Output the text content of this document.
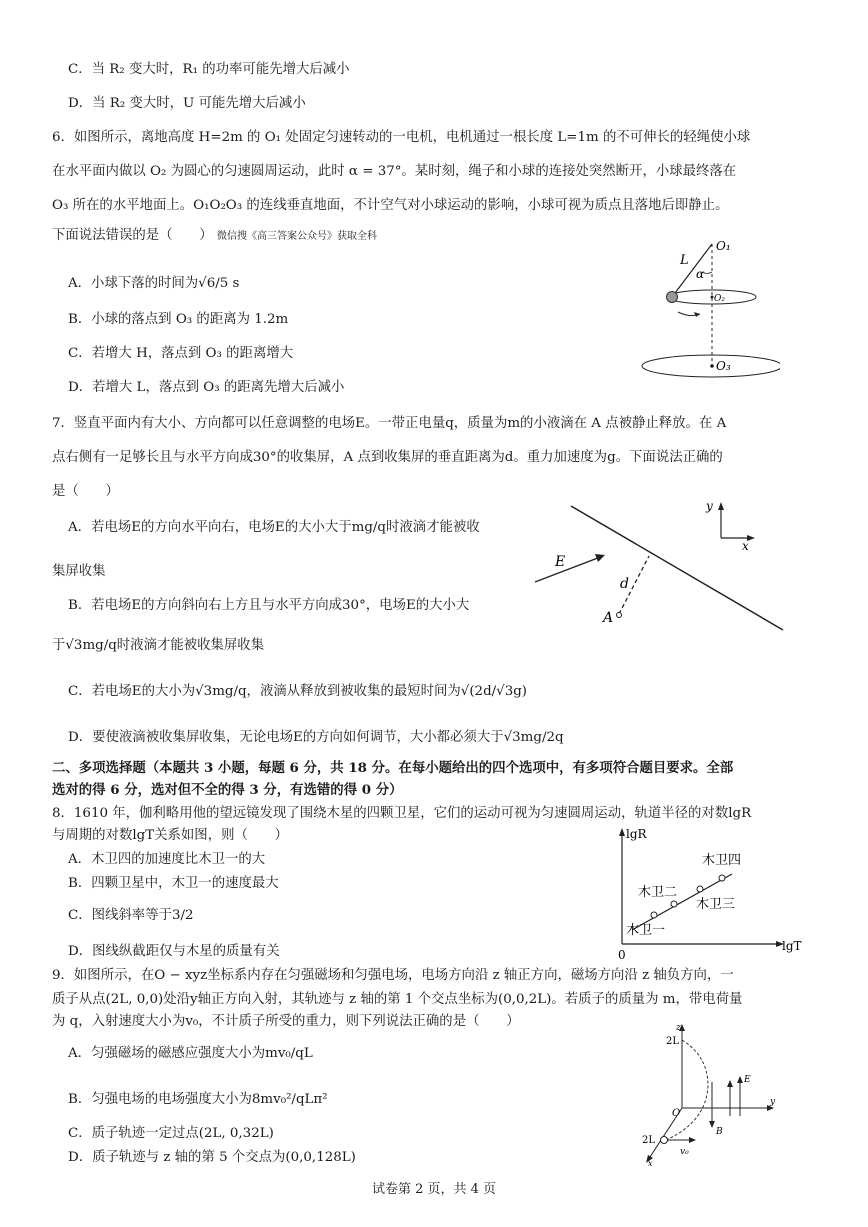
C．当 R₂ 变大时，R₁ 的功率可能先增大后减小
D．当 R₂ 变大时，U 可能先增大后减小
6．如图所示，离地高度 H=2m 的 O₁ 处固定匀速转动的一电机，电机通过一根长度 L=1m 的不可伸长的轻绳使小球
在水平面内做以 O₂ 为圆心的匀速圆周运动，此时 α = 37°。某时刻，绳子和小球的连接处突然断开，小球最终落在
O₃ 所在的水平地面上。O₁O₂O₃ 的连线垂直地面，不计空气对小球运动的影响，小球可视为质点且落地后即静止。
下面说法错误的是（　　） 微信搜《高三答案公众号》获取全科
A．小球下落的时间为√6/5 s
B．小球的落点到 O₃ 的距离为 1.2m
C．若增大 H，落点到 O₃ 的距离增大
D．若增大 L，落点到 O₃ 的距离先增大后减小
L
α
O₁
O₂
O₃
7．竖直平面内有大小、方向都可以任意调整的电场E。一带正电量q，质量为m的小液滴在 A 点被静止释放。在 A
点右侧有一足够长且与水平方向成30°的收集屏，A 点到收集屏的垂直距离为d。重力加速度为g。下面说法正确的
是（　　）
A．若电场E的方向水平向右，电场E的大小大于mg/q时液滴才能被收
集屏收集
B．若电场E的方向斜向右上方且与水平方向成30°，电场E的大小大
于√3mg/q时液滴才能被收集屏收集
C．若电场E的大小为√3mg/q，液滴从释放到被收集的最短时间为√(2d/√3g)
D．要使液滴被收集屏收集，无论电场E的方向如何调节，大小都必须大于√3mg/2q
E
d
A
y
x
二、多项选择题（本题共 3 小题，每题 6 分，共 18 分。在每小题给出的四个选项中，有多项符合题目要求。全部
选对的得 6 分，选对但不全的得 3 分，有选错的得 0 分）
8．1610 年，伽利略用他的望远镜发现了围绕木星的四颗卫星，它们的运动可视为匀速圆周运动，轨道半径的对数lgR
与周期的对数lgT关系如图，则（　　）
A．木卫四的加速度比木卫一的大
B．四颗卫星中，木卫一的速度最大
C．图线斜率等于3/2
D．图线纵截距仅与木星的质量有关
lgR
lgT
0
木卫四
木卫二
木卫三
木卫一
9．如图所示，在O − xyz坐标系内存在匀强磁场和匀强电场，电场方向沿 z 轴正方向，磁场方向沿 z 轴负方向，一
质子从点(2L, 0,0)处沿y轴正方向入射，其轨迹与 z 轴的第 1 个交点坐标为(0,0,2L)。若质子的质量为 m，带电荷量
为 q，入射速度大小为v₀，不计质子所受的重力，则下列说法正确的是（　　）
A．匀强磁场的磁感应强度大小为mv₀/qL
B．匀强电场的电场强度大小为8mv₀²/qLπ²
C．质子轨迹一定过点(2L, 0,32L)
D．质子轨迹与 z 轴的第 5 个交点为(0,0,128L)
z
2L
O
y
E
B
2L
v₀
x
试卷第 2 页，共 4 页
